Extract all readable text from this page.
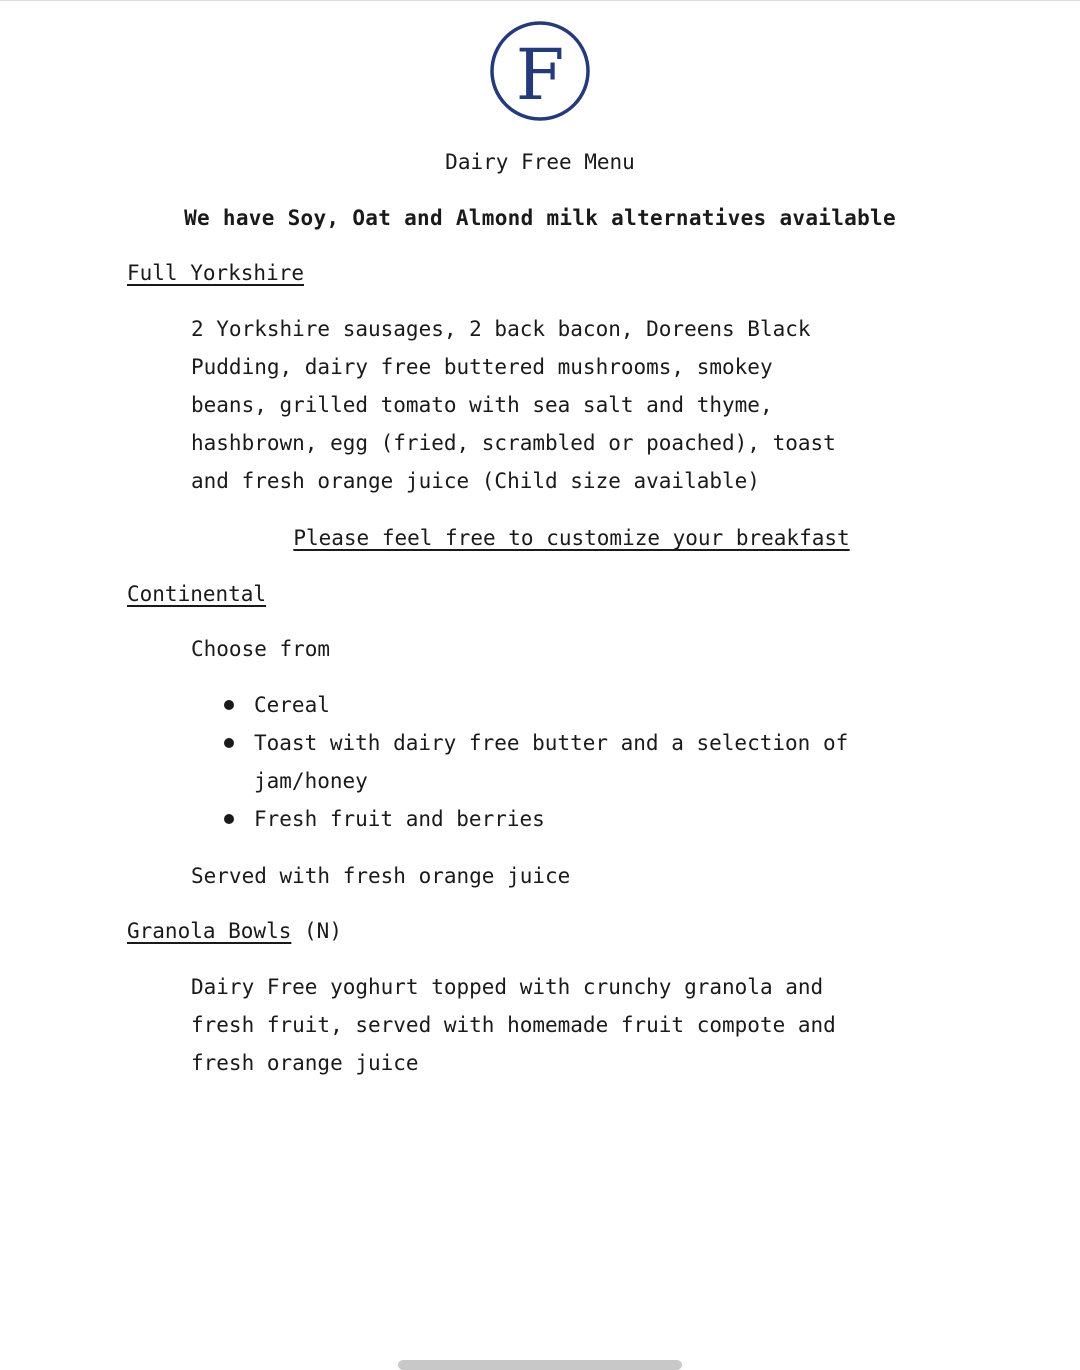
F
Dairy Free Menu
We have Soy, Oat and Almond milk alternatives available
Full Yorkshire
2 Yorkshire sausages, 2 back bacon, Doreens Black
Pudding, dairy free buttered mushrooms, smokey
beans, grilled tomato with sea salt and thyme,
hashbrown, egg (fried, scrambled or poached), toast
and fresh orange juice (Child size available)
Please feel free to customize your breakfast
Continental
Choose from
Cereal
Toast with dairy free butter and a selection of
jam/honey
Fresh fruit and berries
Served with fresh orange juice
Granola Bowls (N)
Dairy Free yoghurt topped with crunchy granola and
fresh fruit, served with homemade fruit compote and
fresh orange juice
